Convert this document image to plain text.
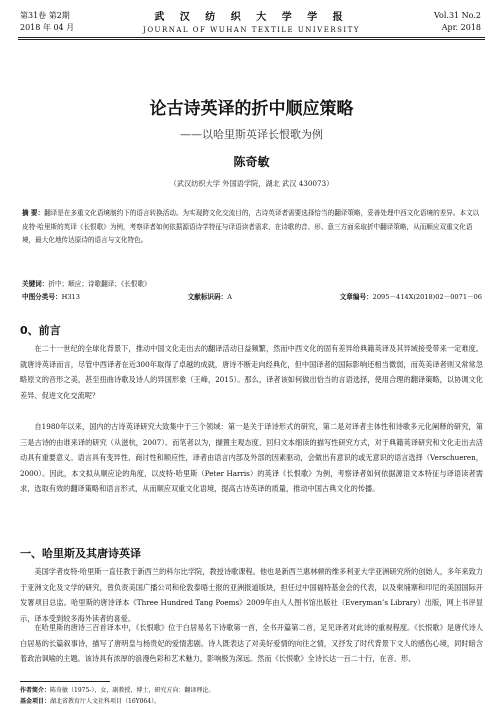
第31卷 第2期
2018 年 04 月
武 汉 纺 织 大 学 学 报
JOURNAL OF WUHAN TEXTILE UNIVERSITY
Vol.31 No.2
Apr. 2018
论古诗英译的折中顺应策略
——以哈里斯英译长恨歌为例
陈奇敏
（武汉纺织大学 外国语学院，湖北 武汉 430073）
摘 要：翻译是在多重文化语境制约下的语言转换活动。为实现跨文化交流目的，古诗英译者需要选择恰当的翻译策略，妥善处理中西文化语境的差异。本文以皮特·哈里斯的英译《长恨歌》为例，考察译者如何依据源语诗学特征与译语读者需求，在诗歌的音、形、意三方面采取折中翻译策略，从而顺应双重文化语境，最大化地传达原诗的语言与文化特色。
关键词：折中；顺应；诗歌翻译；《长恨歌》
中图分类号：H313	文献标识码：A	文章编号：2095－414X(2018)02－0071－06
0、前言
在二十一世纪的全球化背景下，推动中国文化走出去的翻译活动日益频繁，然而中西文化的固有差异给典籍英译及其异域接受带来一定难度。就唐诗英译而言，尽管中西译者在近300年取得了卓越的成就，唐诗不断走向经典化，但中国译者的国际影响还相当微弱，而英美译者则又常常忽略原文的音形之美，甚至扭曲诗歌及诗人的异国形象（王峰，2015）。那么，译者该如何做出恰当的言语选择，使用合理的翻译策略，以协调文化差异、促进文化交流呢？
自1980年以来，国内的古诗英译研究大致集中于三个领域：第一是关于译诗形式的研究，第二是对译者主体性和诗歌多元化阐释的研究，第三是古诗的由谁来译的研究（从滋杭，2007）。而笔者以为，撷置主观态度、回归文本细读的描写性研究方式，对于典籍英译研究和文化走出去活动具有重要意义。语言具有变异性、商讨性和顺应性，译者由语言内部及外部的因素驱动，会做出有意识的或无意识的语言选择（Verschueren，2000）。因此，本文拟从顺应论的角度，以皮特·哈里斯（Peter Harris）的英译《长恨歌》为例，考察译者如何依据源语文本特征与译语读者需求，选取有效的翻译策略和语言形式，从而顺应双重文化语境，提高古诗英译的质量，推动中国古典文化的传播。
一、哈里斯及其唐诗英译
美国学者皮特·哈里斯一直任教于新西兰的科尔比学院，教授诗歌课程。他也是新西兰惠林顿的维多利亚大学亚洲研究所的创始人，多年来致力于亚洲文化及文学的研究，曾负责美国广播公司和伦敦泰晤士报的亚洲报道版块，担任过中国福特基金会的代表，以及柬埔寨和印尼的美国国际开发署项目总监。哈里斯的唐诗译本《Three Hundred Tang Poems》2009年由人人图书馆出版社（Everyman’s Library）出版，网上书评显示，译本受到较多海外读者的喜爱。
在哈里斯的唐诗三百首译本中，《长恨歌》位于白居易名下诗歌第一首，全书开篇第二首，足见译者对此诗的重视程度。《长恨歌》是唐代诗人白居易的长篇叙事诗，描写了唐明皇与杨贵妃的爱情悲剧。诗人既表达了对美好爱情的向往之情，又抒发了时代背景下文人的感伤心境，同时暗含着政治讽喻的主题。该诗具有浓厚的浪漫色彩和艺术魅力，影响极为深远。然而《长恨歌》全诗长达一百二十行，在音、形、
作者简介：陈奇敏（1975-），女，副教授，博士，研究方向：翻译理论。
基金项目：湖北省教育厅人文社科项目（16Y064）。
